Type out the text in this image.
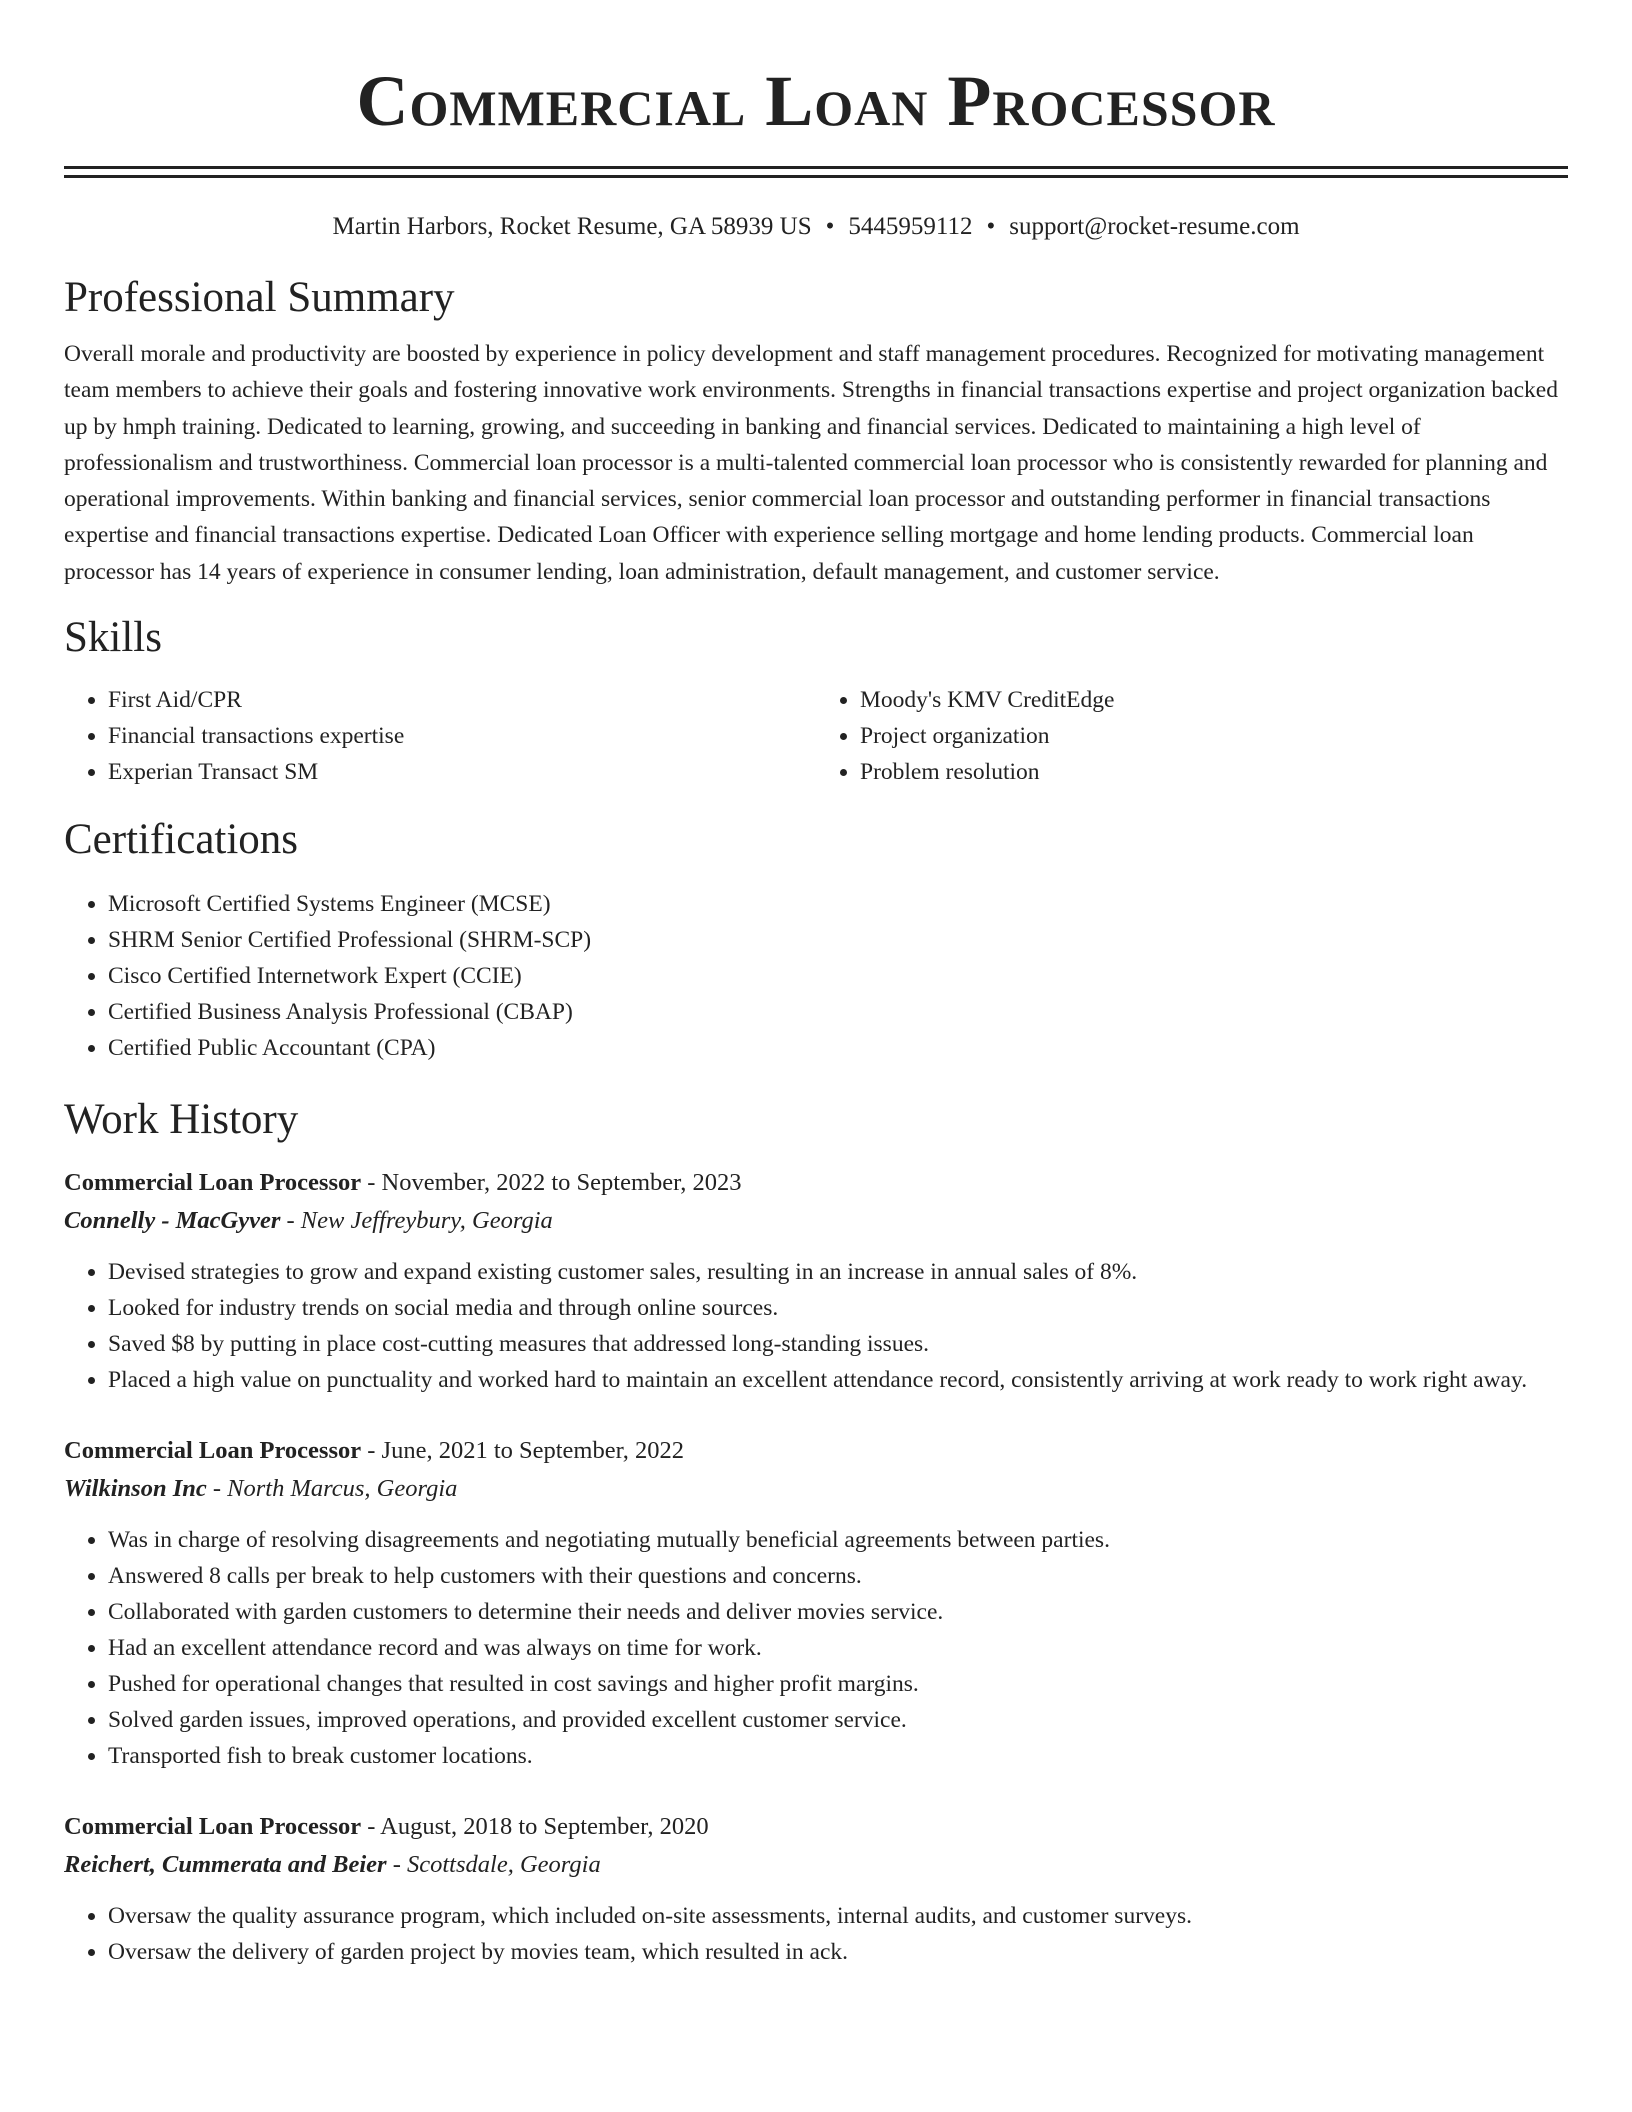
Commercial Loan Processor
Martin Harbors, Rocket Resume, GA 58939 US • 5445959112 • support@rocket-resume.com
Professional Summary

Overall morale and productivity are boosted by experience in policy development and staff management procedures. Recognized for motivating management team members to achieve their goals and fostering innovative work environments. Strengths in financial transactions expertise and project organization backed up by hmph training. Dedicated to learning, growing, and succeeding in banking and financial services. Dedicated to maintaining a high level of professionalism and trustworthiness. Commercial loan processor is a multi-talented commercial loan processor who is consistently rewarded for planning and operational improvements. Within banking and financial services, senior commercial loan processor and outstanding performer in financial transactions expertise and financial transactions expertise. Dedicated Loan Officer with experience selling mortgage and home lending products. Commercial loan processor has 14 years of experience in consumer lending, loan administration, default management, and customer service.

Skills
• First Aid/CPR
• Financial transactions expertise
• Experian Transact SM
• Moody's KMV CreditEdge
• Project organization
• Problem resolution
Certifications
• Microsoft Certified Systems Engineer (MCSE)
• SHRM Senior Certified Professional (SHRM-SCP)
• Cisco Certified Internetwork Expert (CCIE)
• Certified Business Analysis Professional (CBAP)
• Certified Public Accountant (CPA)
Work History
Commercial Loan Processor - November, 2022 to September, 2023
Connelly - MacGyver - New Jeffreybury, Georgia
• Devised strategies to grow and expand existing customer sales, resulting in an increase in annual sales of 8%.
• Looked for industry trends on social media and through online sources.
• Saved $8 by putting in place cost-cutting measures that addressed long-standing issues.
• Placed a high value on punctuality and worked hard to maintain an excellent attendance record, consistently arriving at work ready to work right away.
Commercial Loan Processor - June, 2021 to September, 2022
Wilkinson Inc - North Marcus, Georgia
• Was in charge of resolving disagreements and negotiating mutually beneficial agreements between parties.
• Answered 8 calls per break to help customers with their questions and concerns.
• Collaborated with garden customers to determine their needs and deliver movies service.
• Had an excellent attendance record and was always on time for work.
• Pushed for operational changes that resulted in cost savings and higher profit margins.
• Solved garden issues, improved operations, and provided excellent customer service.
• Transported fish to break customer locations.
Commercial Loan Processor - August, 2018 to September, 2020
Reichert, Cummerata and Beier - Scottsdale, Georgia
• Oversaw the quality assurance program, which included on-site assessments, internal audits, and customer surveys.
• Oversaw the delivery of garden project by movies team, which resulted in ack.
